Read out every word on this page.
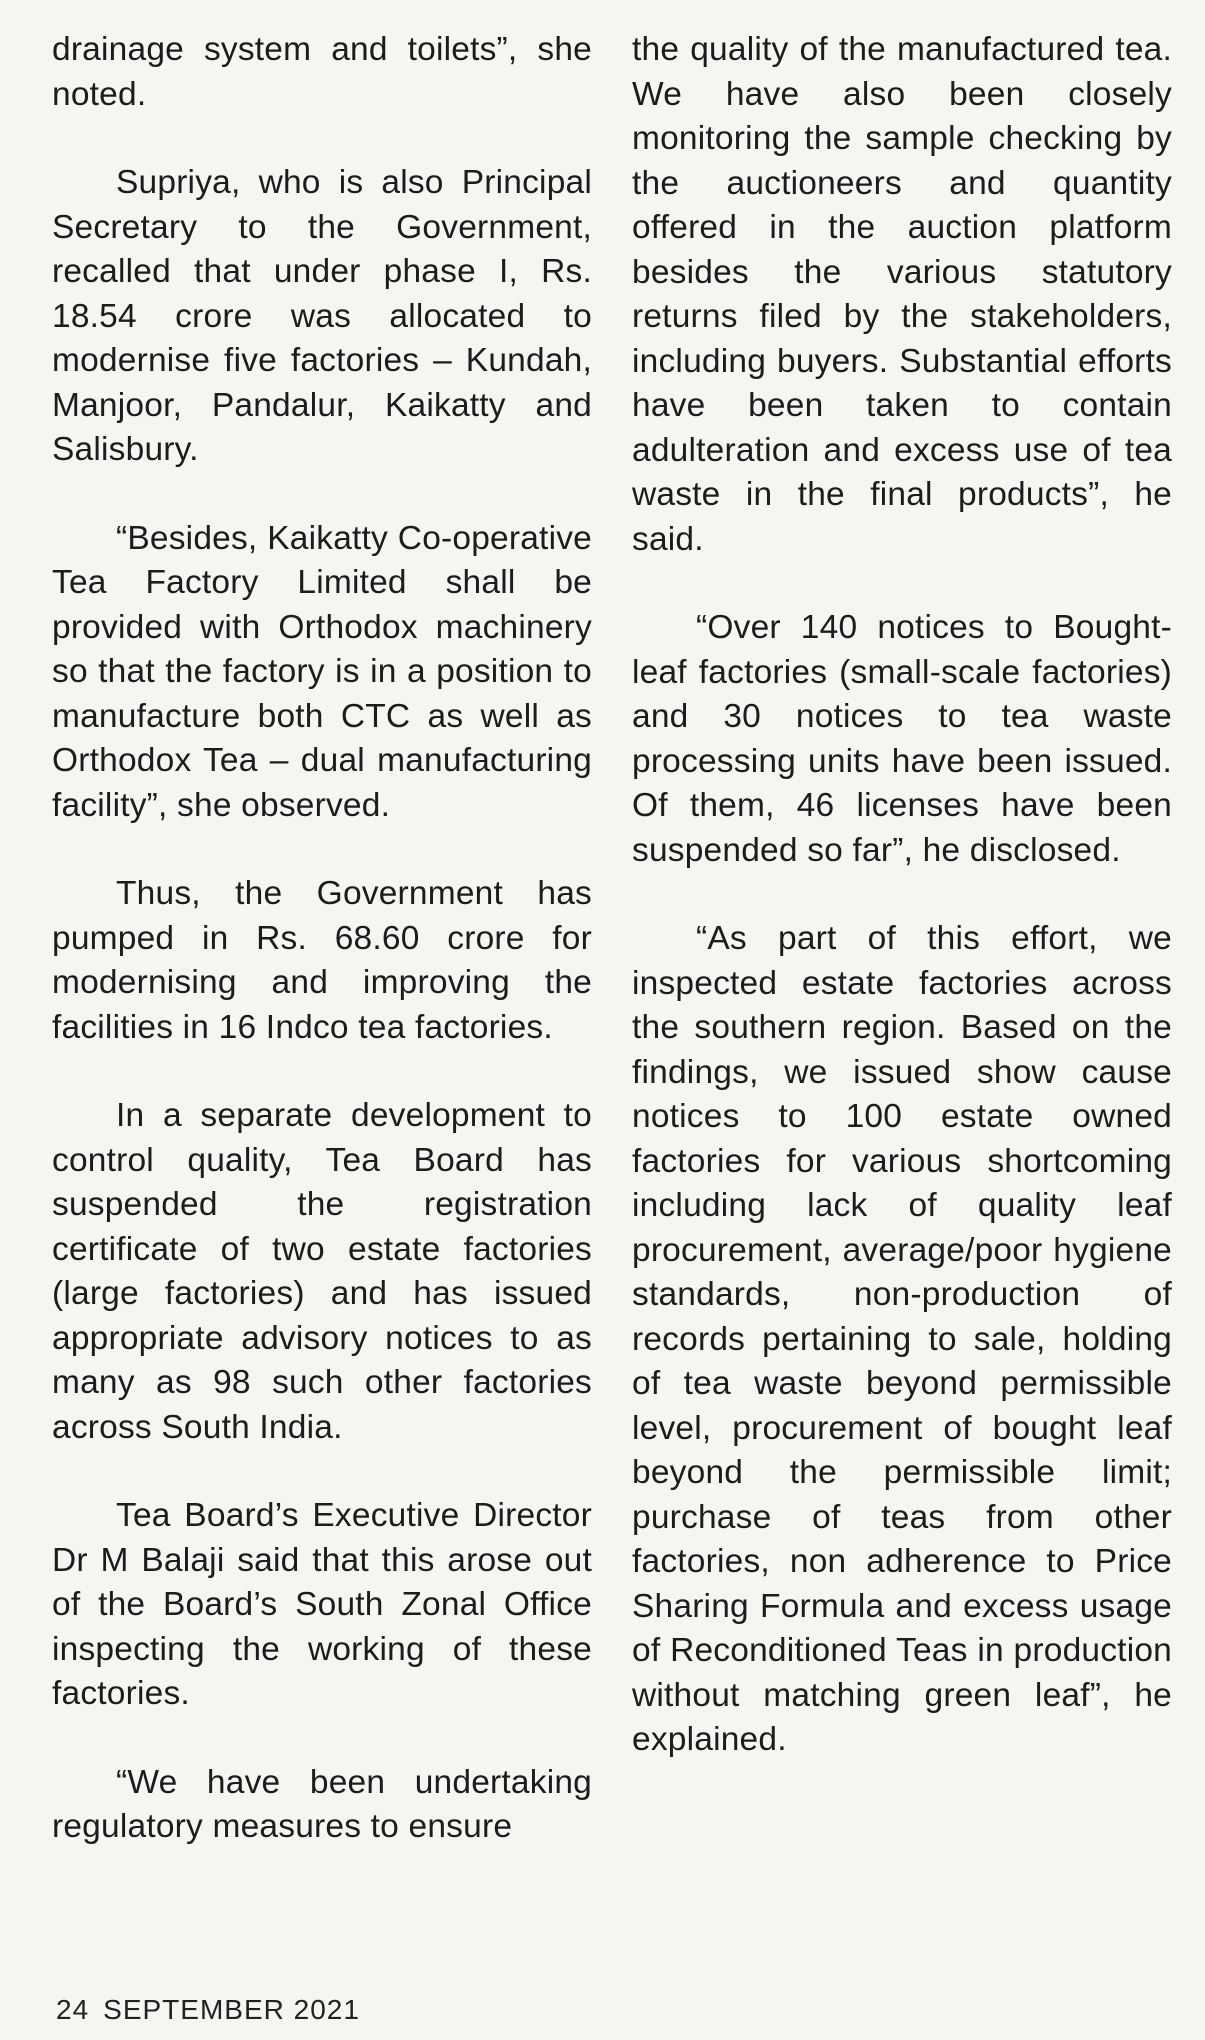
drainage system and toilets”, she noted.

Supriya, who is also Principal Secretary to the Government, recalled that under phase I, Rs. 18.54 crore was allocated to modernise five factories – Kundah, Manjoor, Pandalur, Kaikatty and Salisbury.

“Besides, Kaikatty Co-operative Tea Factory Limited shall be provided with Orthodox machinery so that the factory is in a position to manufacture both CTC as well as Orthodox Tea – dual manufacturing facility”, she observed.

Thus, the Government has pumped in Rs. 68.60 crore for modernising and improving the facilities in 16 Indco tea factories.

In a separate development to control quality, Tea Board has suspended the registration certificate of two estate factories (large factories) and has issued appropriate advisory notices to as many as 98 such other factories across South India.

Tea Board’s Executive Director Dr M Balaji said that this arose out of the Board’s South Zonal Office inspecting the working of these factories.

“We have been undertaking regulatory measures to ensure

the quality of the manufactured tea. We have also been closely monitoring the sample checking by the auctioneers and quantity offered in the auction platform besides the various statutory returns filed by the stakeholders, including buyers. Substantial efforts have been taken to contain adulteration and excess use of tea waste in the final products”, he said.

“Over 140 notices to Bought-leaf factories (small-scale factories) and 30 notices to tea waste processing units have been issued. Of them, 46 licenses have been suspended so far”, he disclosed.

“As part of this effort, we inspected estate factories across the southern region. Based on the findings, we issued show cause notices to 100 estate owned factories for various shortcoming including lack of quality leaf procurement, average/poor hygiene standards, non-production of records pertaining to sale, holding of tea waste beyond permissible level, procurement of bought leaf beyond the permissible limit; purchase of teas from other factories, non adherence to Price Sharing Formula and excess usage of Reconditioned Teas in production without matching green leaf”, he explained.

24 SEPTEMBER 2021
